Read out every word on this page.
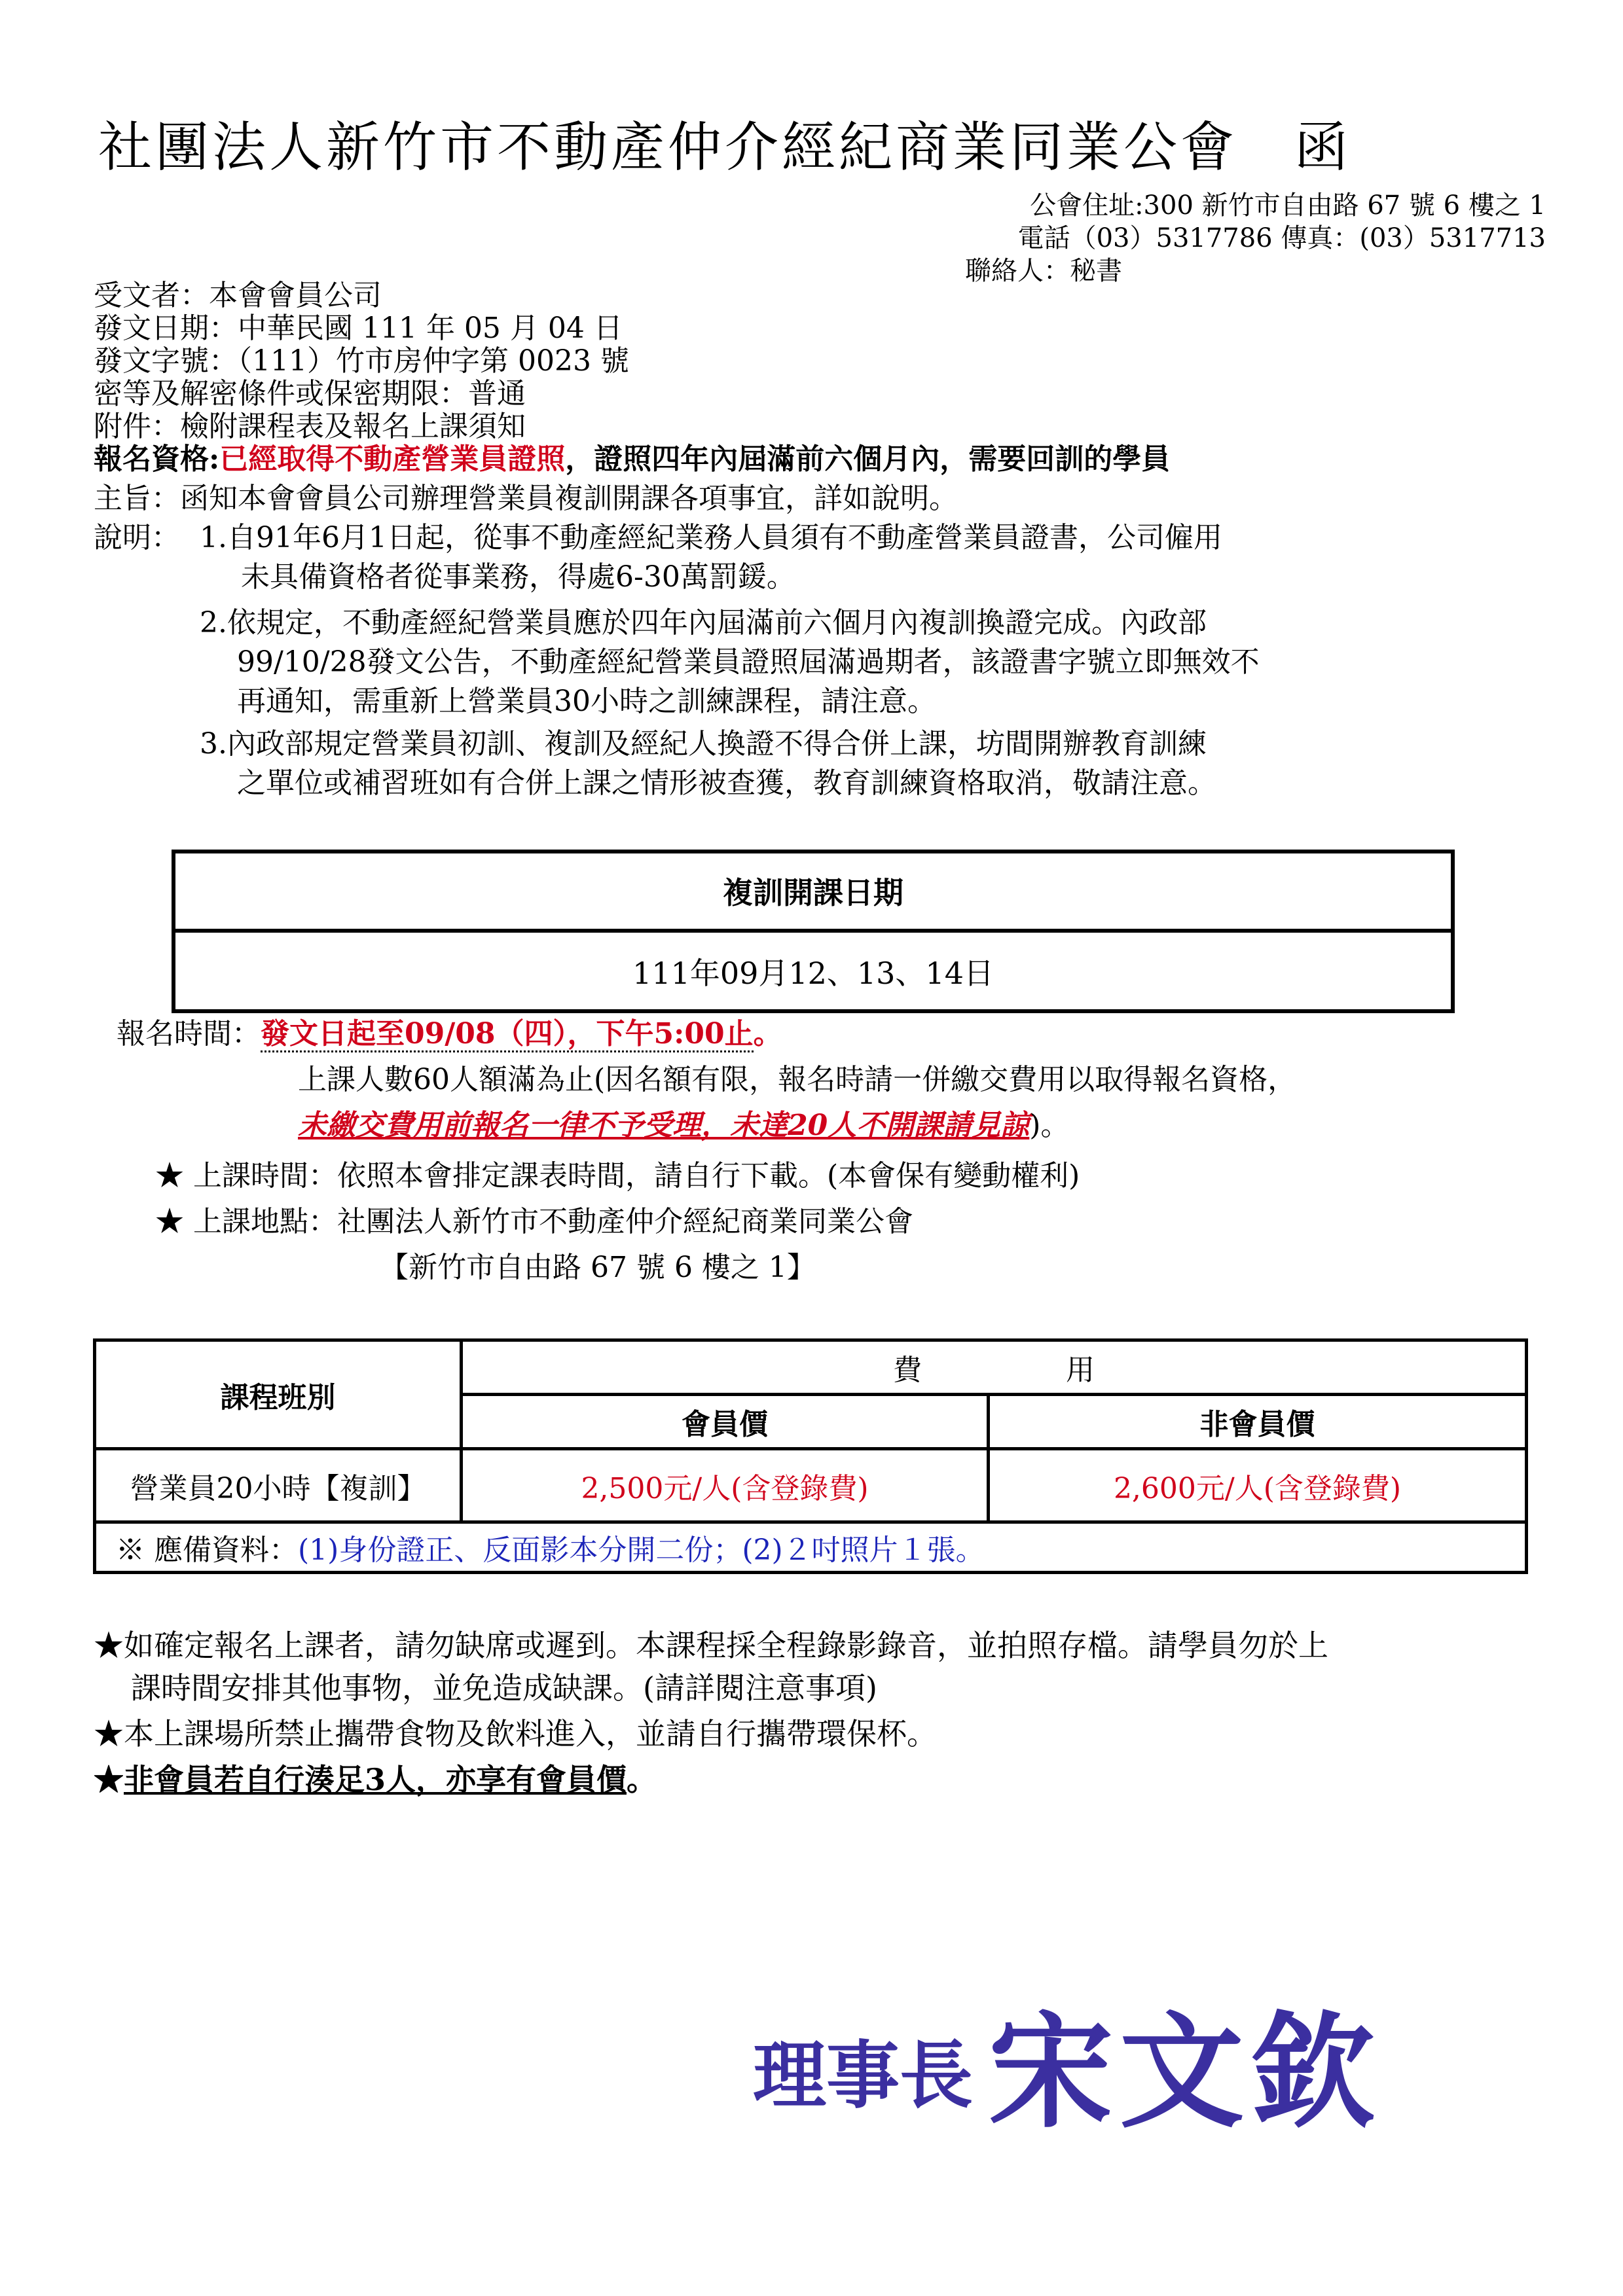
社團法人新竹市不動產仲介經紀商業同業公會　函
公會住址:300 新竹市自由路 67 號 6 樓之 1
電話（03）5317786 傳真：(03）5317713
聯絡人：秘書
受文者：本會會員公司
發文日期：中華民國 111 年 05 月 04 日
發文字號：（111）竹市房仲字第 0023 號
密等及解密條件或保密期限：普通
附件：檢附課程表及報名上課須知
報名資格:已經取得不動產營業員證照，證照四年內屆滿前六個月內，需要回訓的學員
主旨：函知本會會員公司辦理營業員複訓開課各項事宜，詳如說明。
說明： 1.自91年6月1日起，從事不動產經紀業務人員須有不動產營業員證書，公司僱用
未具備資格者從事業務，得處6-30萬罰鍰。
2.依規定，不動產經紀營業員應於四年內屆滿前六個月內複訓換證完成。內政部
99/10/28發文公告，不動產經紀營業員證照屆滿過期者，該證書字號立即無效不
再通知，需重新上營業員30小時之訓練課程，請注意。
3.內政部規定營業員初訓、複訓及經紀人換證不得合併上課，坊間開辦教育訓練
之單位或補習班如有合併上課之情形被查獲，教育訓練資格取消，敬請注意。
複訓開課日期
111年09月12、13、14日
報名時間：發文日起至09/08（四），下午5:00止。
上課人數60人額滿為止(因名額有限，報名時請一併繳交費用以取得報名資格，
未繳交費用前報名一律不予受理，未達20人不開課請見諒)。
★ 上課時間：依照本會排定課表時間，請自行下載。(本會保有變動權利)
★ 上課地點：社團法人新竹市不動產仲介經紀商業同業公會
【新竹市自由路 67 號 6 樓之 1】
課程班別	費　　　　　用	
	會員價	非會員價
營業員20小時【複訓】	2,500元/人(含登錄費)	2,600元/人(含登錄費)
※ 應備資料：(1)身份證正、反面影本分開二份；(2)２吋照片１張。		
★如確定報名上課者，請勿缺席或遲到。本課程採全程錄影錄音，並拍照存檔。請學員勿於上
課時間安排其他事物，並免造成缺課。(請詳閱注意事項)
★本上課場所禁止攜帶食物及飲料進入，並請自行攜帶環保杯。
★非會員若自行湊足3人，亦享有會員價。
理事長 宋文欽
